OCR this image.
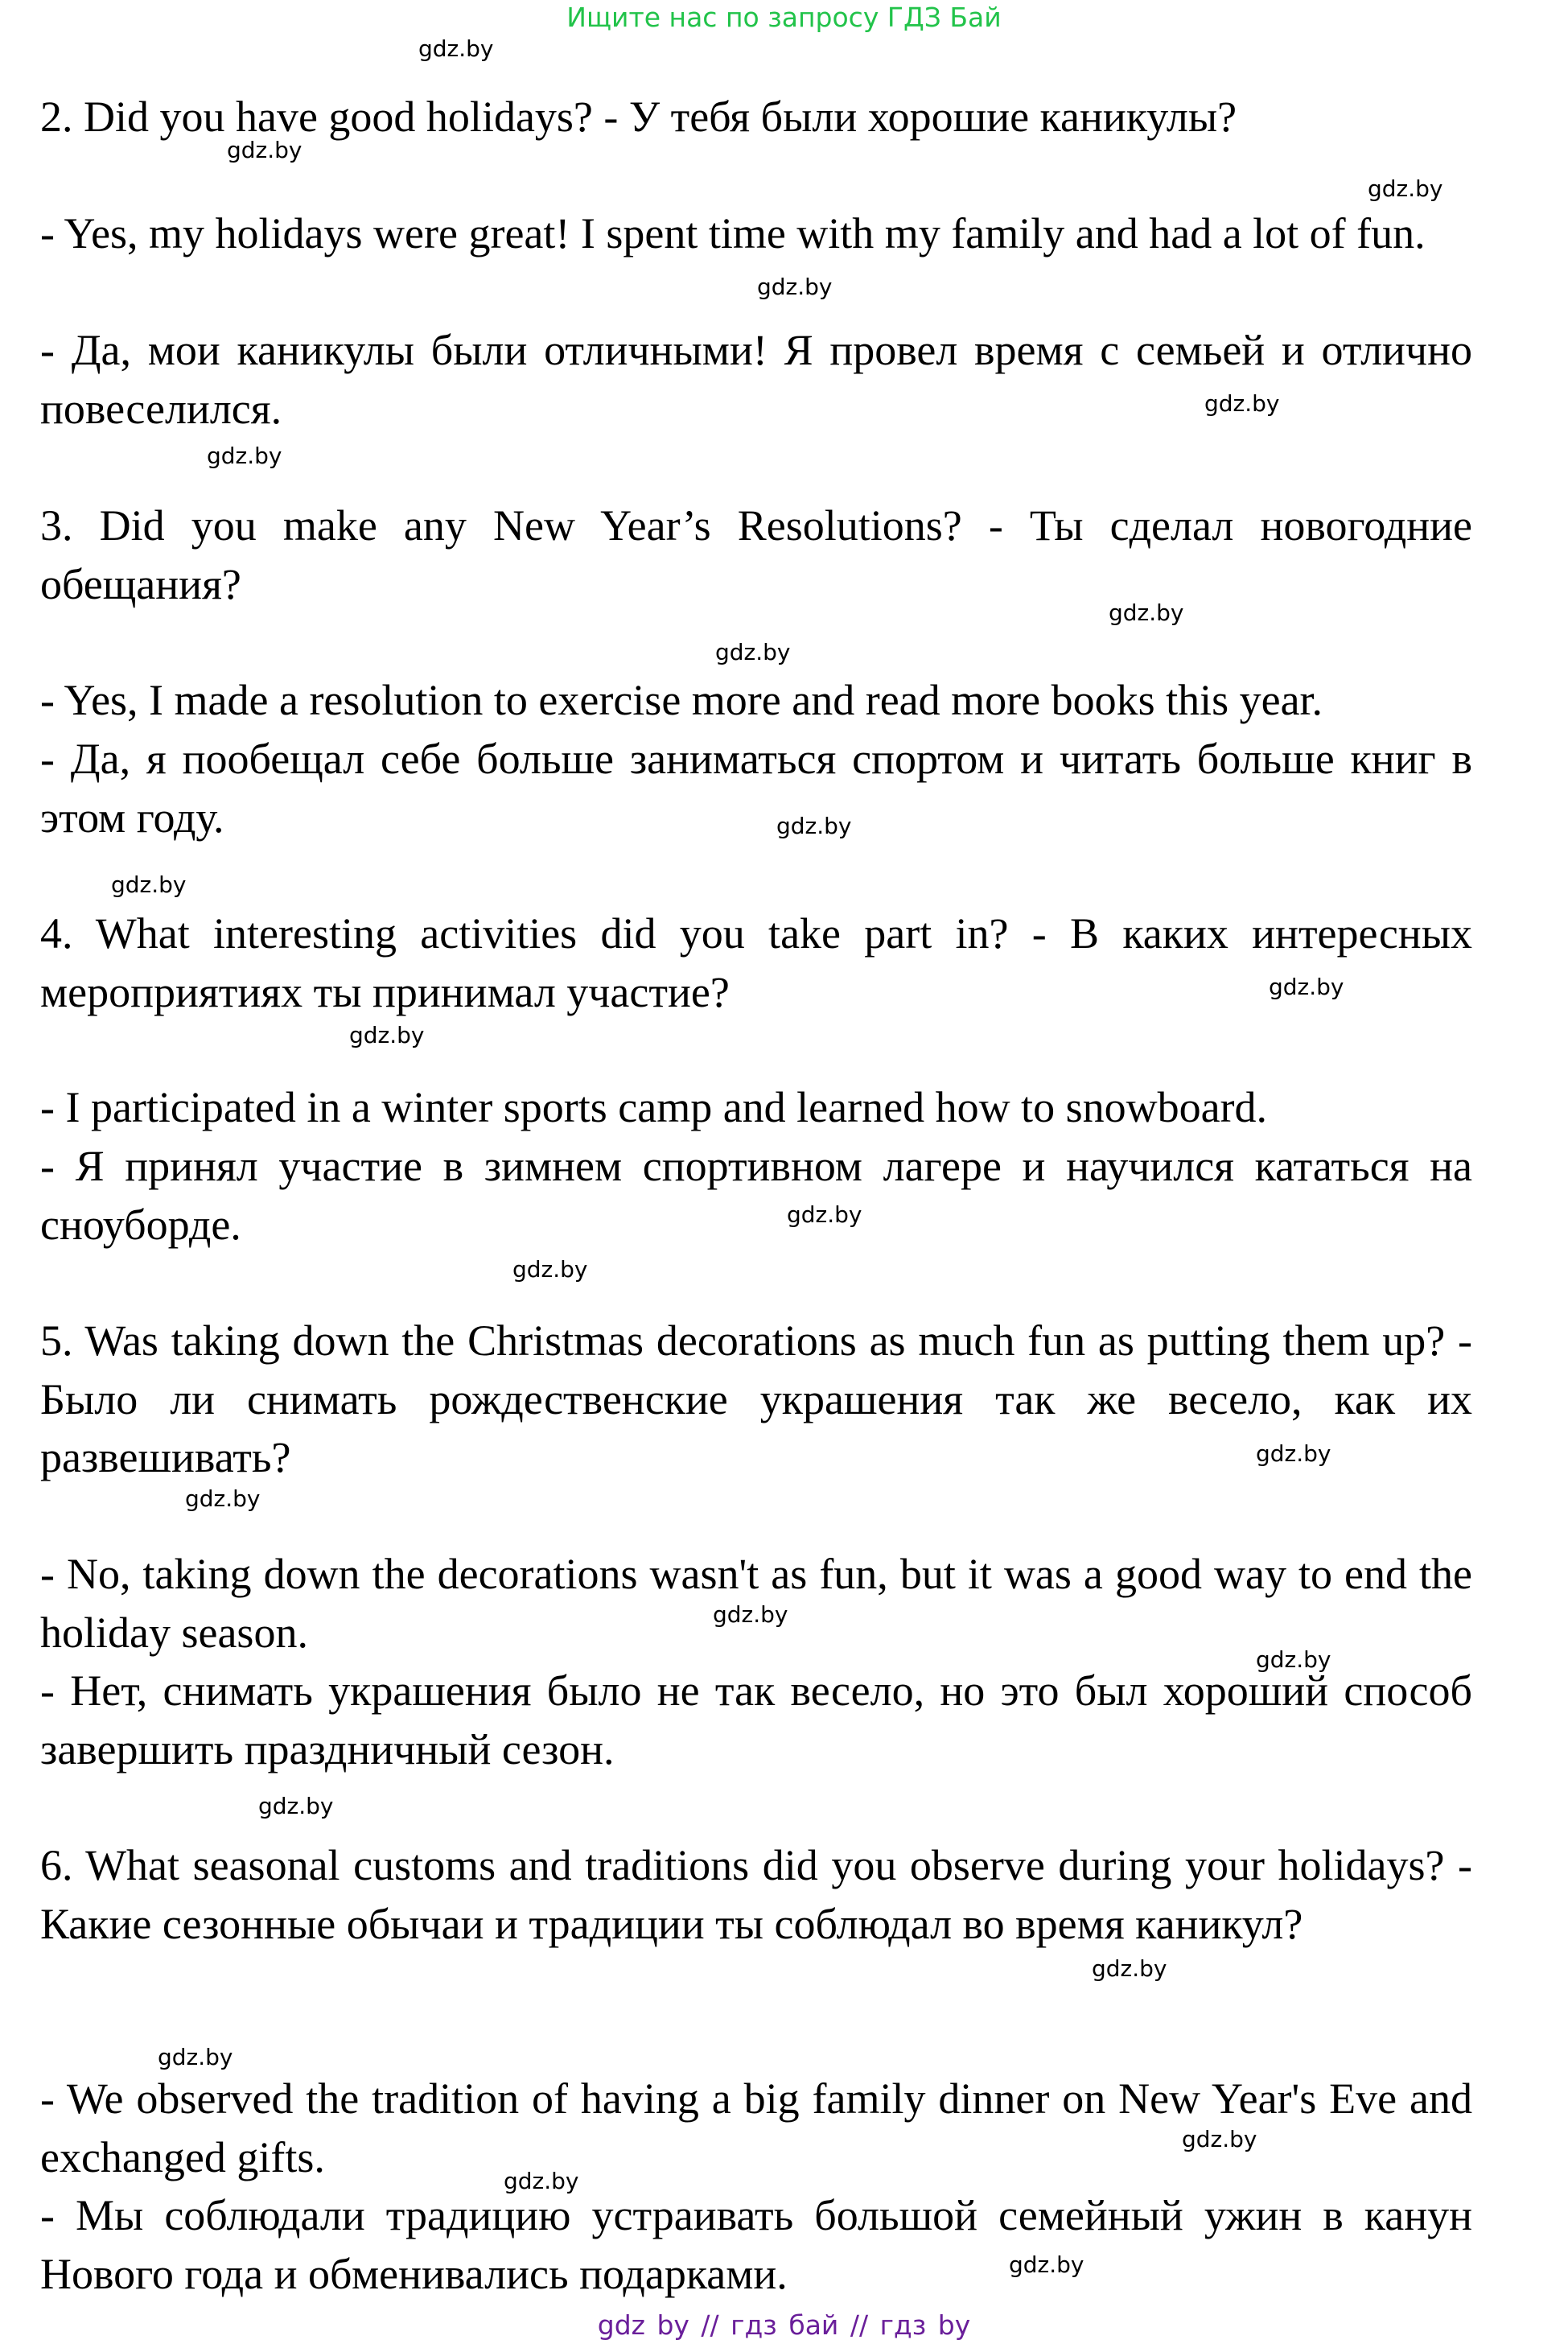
Ищите нас по запросу ГДЗ Бай

2. Did you have good holidays? - У тебя были хорошие каникулы?

- Yes, my holidays were great! I spent time with my family and had a lot of fun.

- Да, мои каникулы были отличными! Я провел время с семьей и отлично повеселился.

3. Did you make any New Year’s Resolutions? - Ты сделал новогодние обещания?

- Yes, I made a resolution to exercise more and read more books this year.

- Да, я пообещал себе больше заниматься спортом и читать больше книг в этом году.

4. What interesting activities did you take part in? - В каких интересных мероприятиях ты принимал участие?

- I participated in a winter sports camp and learned how to snowboard.

- Я принял участие в зимнем спортивном лагере и научился кататься на сноуборде.

5. Was taking down the Christmas decorations as much fun as putting them up? - Было ли снимать рождественские украшения так же весело, как их развешивать?

- No, taking down the decorations wasn't as fun, but it was a good way to end the holiday season.

- Нет, снимать украшения было не так весело, но это был хороший способ завершить праздничный сезон.

6. What seasonal customs and traditions did you observe during your holidays? - Какие сезонные обычаи и традиции ты соблюдал во время каникул?

- We observed the tradition of having a big family dinner on New Year's Eve and exchanged gifts.

- Мы соблюдали традицию устраивать большой семейный ужин в канун Нового года и обменивались подарками.

gdz.by
gdz.by
gdz.by
gdz.by
gdz.by
gdz.by
gdz.by
gdz.by
gdz.by
gdz.by
gdz.by
gdz.by
gdz.by
gdz.by
gdz.by
gdz.by
gdz.by
gdz.by
gdz.by
gdz.by
gdz.by
gdz.by
gdz.by
gdz.by
gdz by // гдз бай // гдз by
